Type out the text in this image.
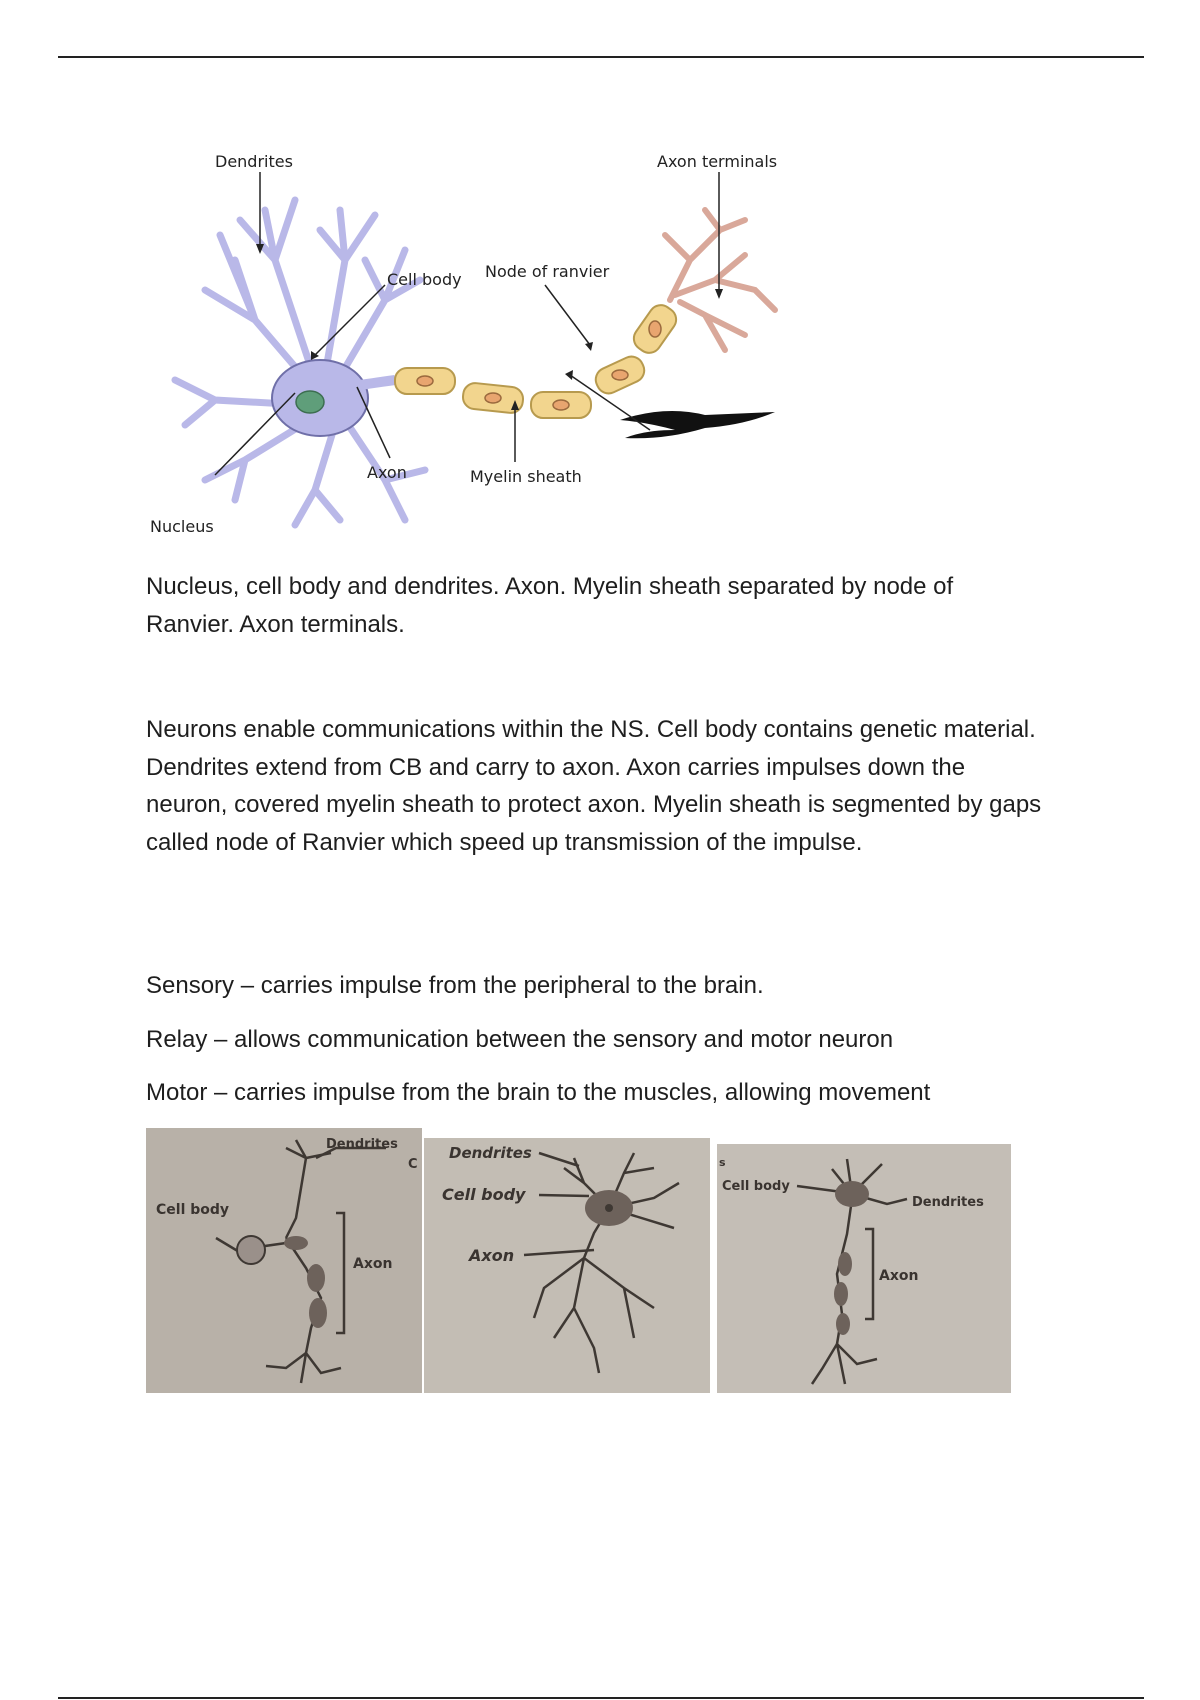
Dendrites	Axon terminals
Cell body Node of ranvier
Axon	Myelin sheath
Nucleus

Nucleus, cell body and dendrites. Axon. Myelin sheath separated by node of Ranvier. Axon terminals.

Neurons enable communications within the NS. Cell body contains genetic material. Dendrites extend from CB and carry to axon. Axon carries impulses down the neuron, covered myelin sheath to protect axon. Myelin sheath is segmented by gaps called node of Ranvier which speed up transmission of the impulse.

Sensory – carries impulse from the peripheral to the brain.

Relay – allows communication between the sensory and motor neuron

Motor – carries impulse from the brain to the muscles, allowing movement

Dendrites
Cell body
Axon
C
Dendrites
Cell body
Axon
Cell body
Dendrites
Axon
s
